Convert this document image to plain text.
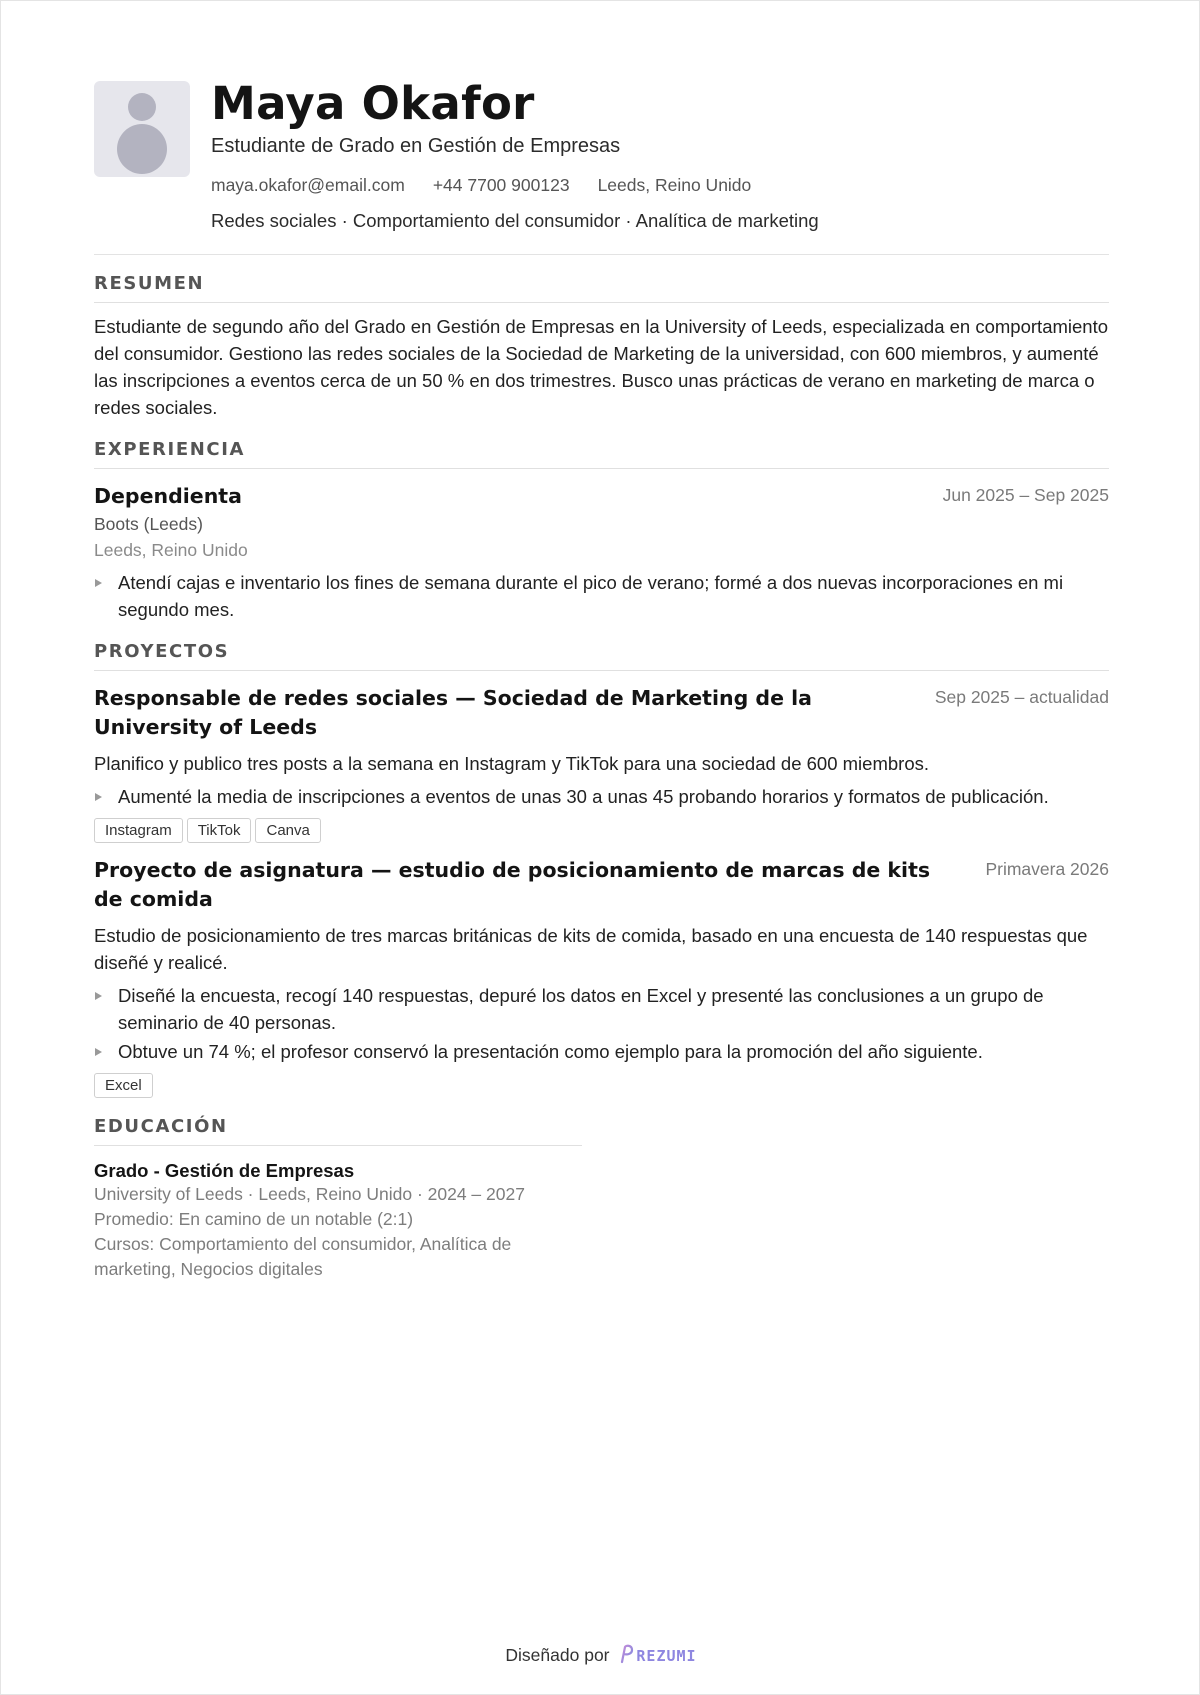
Maya Okafor
Estudiante de Grado en Gestión de Empresas
maya.okafor@email.com +44 7700 900123 Leeds, Reino Unido
Redes sociales · Comportamiento del consumidor · Analítica de marketing
RESUMEN
Estudiante de segundo año del Grado en Gestión de Empresas en la University of Leeds, especializada en comportamiento del consumidor. Gestiono las redes sociales de la Sociedad de Marketing de la universidad, con 600 miembros, y aumenté las inscripciones a eventos cerca de un 50 % en dos trimestres. Busco unas prácticas de verano en marketing de marca o redes sociales.
EXPERIENCIA
Dependienta	Jun 2025 – Sep 2025
Boots (Leeds)
Leeds, Reino Unido
Atendí cajas e inventario los fines de semana durante el pico de verano; formé a dos nuevas incorporaciones en mi segundo mes.
PROYECTOS
Responsable de redes sociales — Sociedad de Marketing de la University of Leeds
Sep 2025 – actualidad
Planifico y publico tres posts a la semana en Instagram y TikTok para una sociedad de 600 miembros.
Aumenté la media de inscripciones a eventos de unas 30 a unas 45 probando horarios y formatos de publicación.
Instagram	TikTok	Canva
Proyecto de asignatura — estudio de posicionamiento de marcas de kits de comida
Primavera 2026
Estudio de posicionamiento de tres marcas británicas de kits de comida, basado en una encuesta de 140 respuestas que diseñé y realicé.
Diseñé la encuesta, recogí 140 respuestas, depuré los datos en Excel y presenté las conclusiones a un grupo de seminario de 40 personas.
Obtuve un 74 %; el profesor conservó la presentación como ejemplo para la promoción del año siguiente.
Excel
EDUCACIÓN
Grado - Gestión de Empresas
University of Leeds · Leeds, Reino Unido · 2024 – 2027
Promedio: En camino de un notable (2:1)
Cursos: Comportamiento del consumidor, Analítica de marketing, Negocios digitales
Diseñado por REZUMI
